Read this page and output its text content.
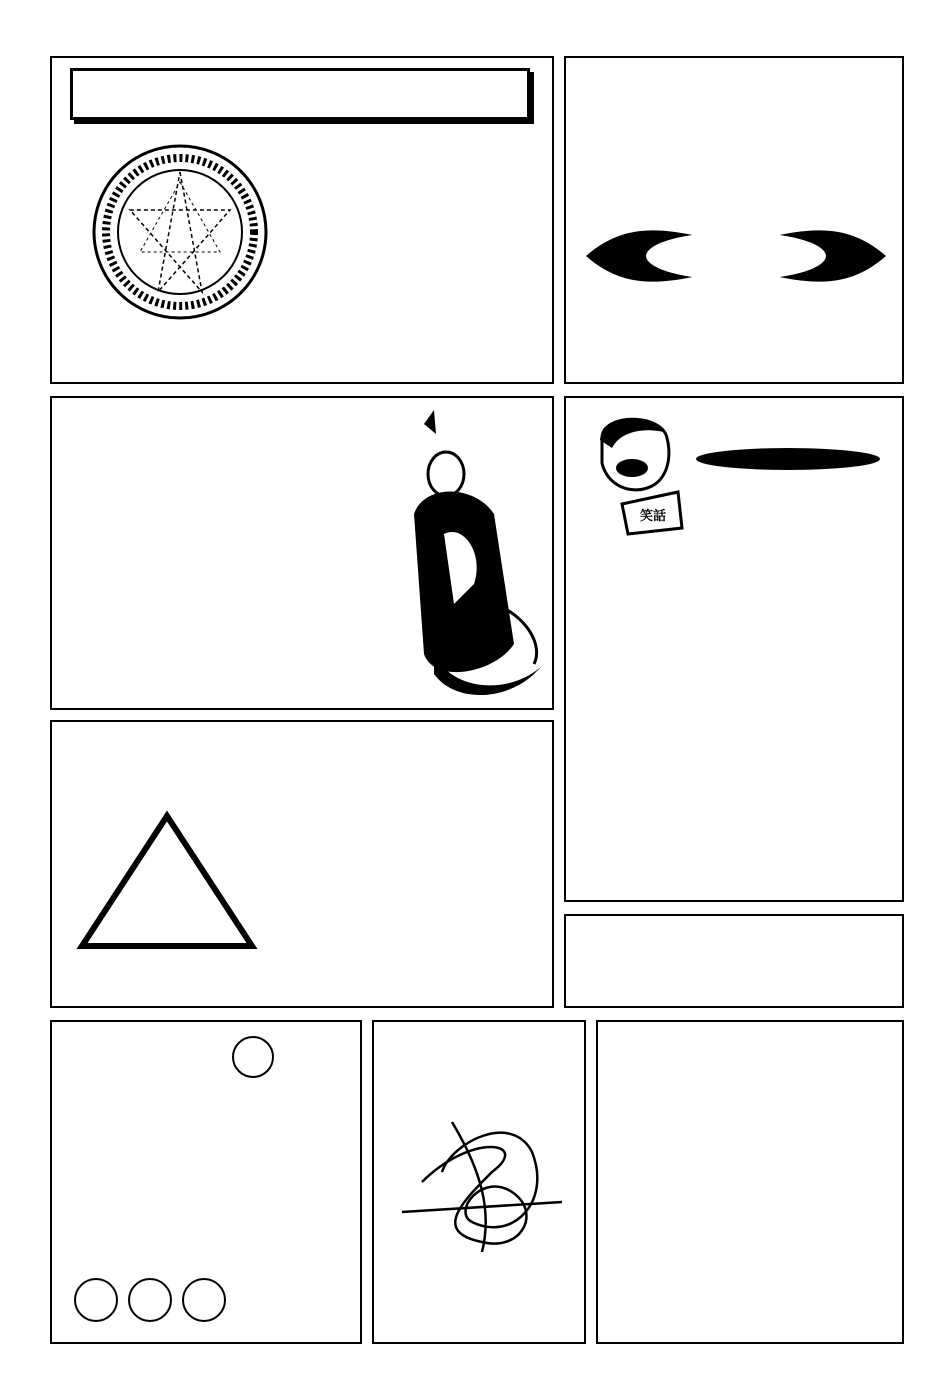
笑話
